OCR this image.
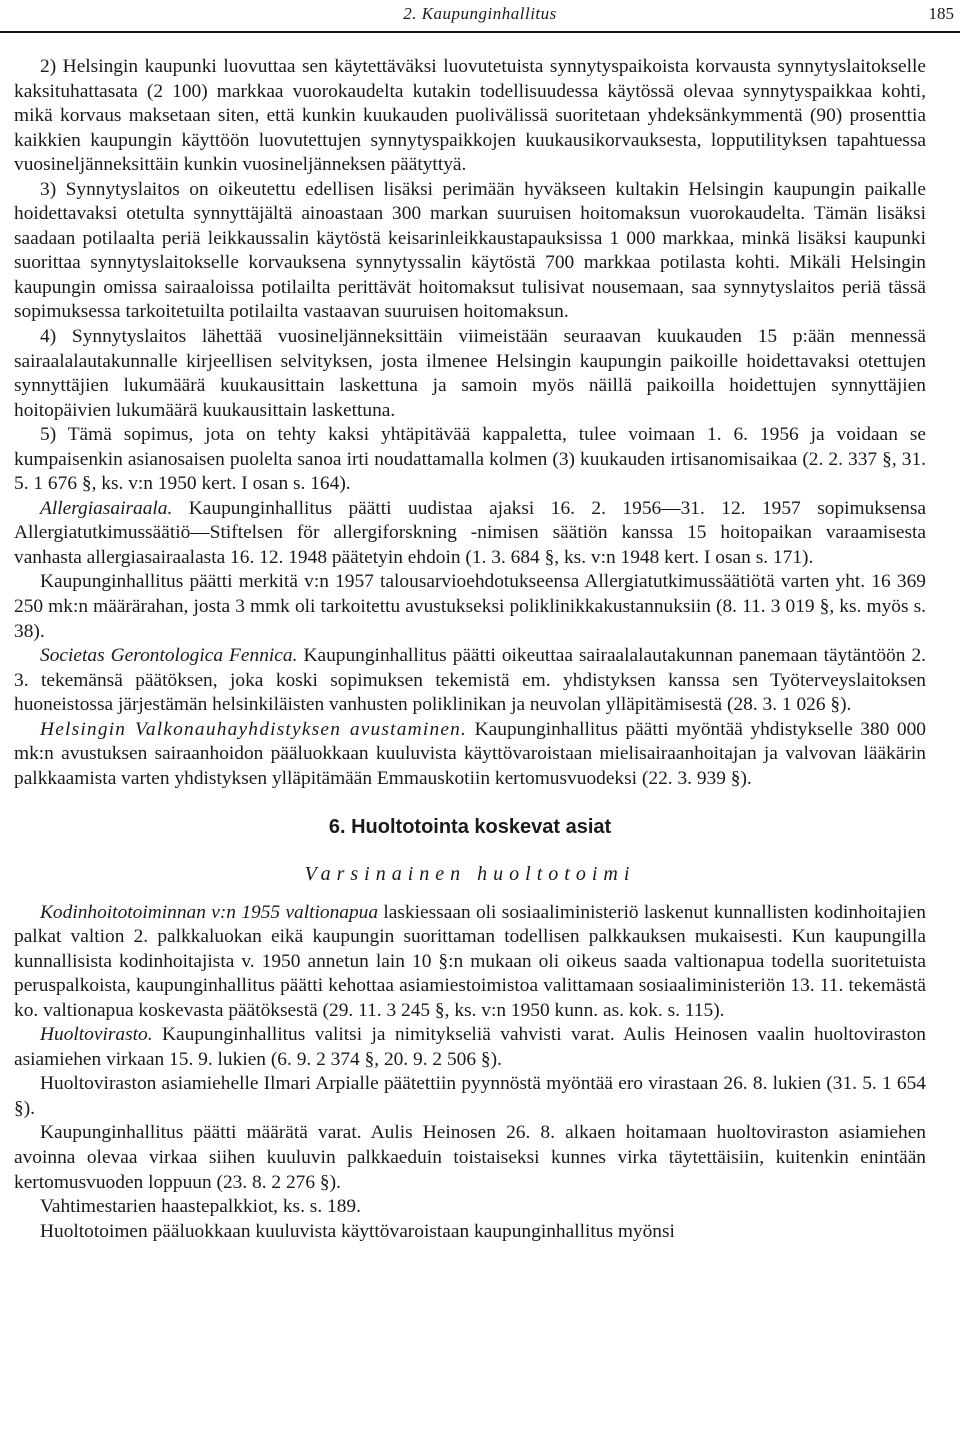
2. Kaupunginhallitus	185

2) Helsingin kaupunki luovuttaa sen käytettäväksi luovutetuista synnytyspaikoista korvausta synnytyslaitokselle kaksituhattasata (2 100) markkaa vuorokaudelta kutakin todellisuudessa käytössä olevaa synnytyspaikkaa kohti, mikä korvaus maksetaan siten, että kunkin kuukauden puolivälissä suoritetaan yhdeksänkymmentä (90) prosenttia kaikkien kaupungin käyttöön luovutettujen synnytyspaikkojen kuukausikorvauksesta, lopputilityksen tapahtuessa vuosineljänneksittäin kunkin vuosineljänneksen päätyttyä.

3) Synnytyslaitos on oikeutettu edellisen lisäksi perimään hyväkseen kultakin Helsingin kaupungin paikalle hoidettavaksi otetulta synnyttäjältä ainoastaan 300 markan suuruisen hoitomaksun vuorokaudelta. Tämän lisäksi saadaan potilaalta periä leikkaussalin käytöstä keisarinleikkaustapauksissa 1 000 markkaa, minkä lisäksi kaupunki suorittaa synnytyslaitokselle korvauksena synnytyssalin käytöstä 700 markkaa potilasta kohti. Mikäli Helsingin kaupungin omissa sairaaloissa potilailta perittävät hoitomaksut tulisivat nousemaan, saa synnytyslaitos periä tässä sopimuksessa tarkoitetuilta potilailta vastaavan suuruisen hoitomaksun.

4) Synnytyslaitos lähettää vuosineljänneksittäin viimeistään seuraavan kuukauden 15 p:ään mennessä sairaalalautakunnalle kirjeellisen selvityksen, josta ilmenee Helsingin kaupungin paikoille hoidettavaksi otettujen synnyttäjien lukumäärä kuukausittain laskettuna ja samoin myös näillä paikoilla hoidettujen synnyttäjien hoitopäivien lukumäärä kuukausittain laskettuna.

5) Tämä sopimus, jota on tehty kaksi yhtäpitävää kappaletta, tulee voimaan 1. 6. 1956 ja voidaan se kumpaisenkin asianosaisen puolelta sanoa irti noudattamalla kolmen (3) kuukauden irtisanomisaikaa (2. 2. 337 §, 31. 5. 1 676 §, ks. v:n 1950 kert. I osan s. 164).

Allergiasairaala. Kaupunginhallitus päätti uudistaa ajaksi 16. 2. 1956—31. 12. 1957 sopimuksensa Allergiatutkimussäätiö—Stiftelsen för allergiforskning -nimisen säätiön kanssa 15 hoitopaikan varaamisesta vanhasta allergiasairaalasta 16. 12. 1948 päätetyin ehdoin (1. 3. 684 §, ks. v:n 1948 kert. I osan s. 171).

Kaupunginhallitus päätti merkitä v:n 1957 talousarvioehdotukseensa Allergiatutkimussäätiötä varten yht. 16 369 250 mk:n määrärahan, josta 3 mmk oli tarkoitettu avustukseksi poliklinikkakustannuksiin (8. 11. 3 019 §, ks. myös s. 38).

Societas Gerontologica Fennica. Kaupunginhallitus päätti oikeuttaa sairaalalautakunnan panemaan täytäntöön 2. 3. tekemänsä päätöksen, joka koski sopimuksen tekemistä em. yhdistyksen kanssa sen Työterveyslaitoksen huoneistossa järjestämän helsinkiläisten vanhusten poliklinikan ja neuvolan ylläpitämisestä (28. 3. 1 026 §).

Helsingin Valkonauhayhdistyksen avustaminen. Kaupunginhallitus päätti myöntää yhdistykselle 380 000 mk:n avustuksen sairaanhoidon pääluokkaan kuuluvista käyttövaroistaan mielisairaanhoitajan ja valvovan lääkärin palkkaamista varten yhdistyksen ylläpitämään Emmauskotiin kertomusvuodeksi (22. 3. 939 §).

6. Huoltotointa koskevat asiat
Varsinainen huoltotoimi

Kodinhoitotoiminnan v:n 1955 valtionapua laskiessaan oli sosiaaliministeriö laskenut kunnallisten kodinhoitajien palkat valtion 2. palkkaluokan eikä kaupungin suorittaman todellisen palkkauksen mukaisesti. Kun kaupungilla kunnallisista kodinhoitajista v. 1950 annetun lain 10 §:n mukaan oli oikeus saada valtionapua todella suoritetuista peruspalkoista, kaupunginhallitus päätti kehottaa asiamiestoimistoa valittamaan sosiaaliministeriön 13. 11. tekemästä ko. valtionapua koskevasta päätöksestä (29. 11. 3 245 §, ks. v:n 1950 kunn. as. kok. s. 115).

Huoltovirasto. Kaupunginhallitus valitsi ja nimitykseliä vahvisti varat. Aulis Heinosen vaalin huoltoviraston asiamiehen virkaan 15. 9. lukien (6. 9. 2 374 §, 20. 9. 2 506 §).

Huoltoviraston asiamiehelle Ilmari Arpialle päätettiin pyynnöstä myöntää ero virastaan 26. 8. lukien (31. 5. 1 654 §).

Kaupunginhallitus päätti määrätä varat. Aulis Heinosen 26. 8. alkaen hoitamaan huoltoviraston asiamiehen avoinna olevaa virkaa siihen kuuluvin palkkaeduin toistaiseksi kunnes virka täytettäisiin, kuitenkin enintään kertomusvuoden loppuun (23. 8. 2 276 §).

Vahtimestarien haastepalkkiot, ks. s. 189.

Huoltotoimen pääluokkaan kuuluvista käyttövaroistaan kaupunginhallitus myönsi
